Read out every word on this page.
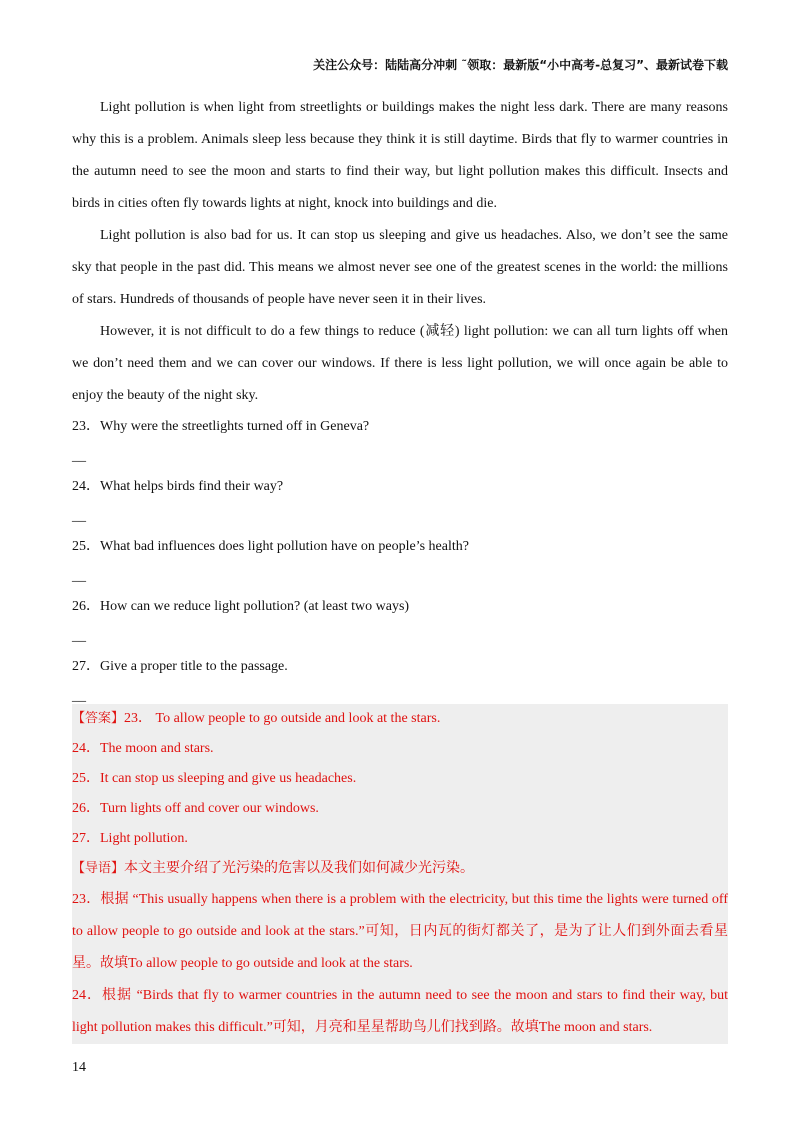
关注公众号：陆陆高分冲刺 ˜领取：最新版“小中高考-总复习”、最新试卷下载

Light pollution is when light from streetlights or buildings makes the night less dark. There are many reasons why this is a problem. Animals sleep less because they think it is still daytime. Birds that fly to warmer countries in the autumn need to see the moon and starts to find their way, but light pollution makes this difficult. Insects and birds in cities often fly towards lights at night, knock into buildings and die.

Light pollution is also bad for us. It can stop us sleeping and give us headaches. Also, we don’t see the same sky that people in the past did. This means we almost never see one of the greatest scenes in the world: the millions of stars. Hundreds of thousands of people have never seen it in their lives.

However, it is not difficult to do a few things to reduce (减轻) light pollution: we can all turn lights off when we don’t need them and we can cover our windows. If there is less light pollution, we will once again be able to enjoy the beauty of the night sky.

23．Why were the streetlights turned off in Geneva?

__

24．What helps birds find their way?

__

25．What bad influences does light pollution have on people’s health?

__

26．How can we reduce light pollution? (at least two ways)

__

27．Give a proper title to the passage.

__

【答案】23． To allow people to go outside and look at the stars.

24．The moon and stars.

25．It can stop us sleeping and give us headaches.

26．Turn lights off and cover our windows.

27．Light pollution.

【导语】本文主要介绍了光污染的危害以及我们如何减少光污染。

23．根据 “This usually happens when there is a problem with the electricity, but this time the lights were turned off to allow people to go outside and look at the stars.”可知，日内瓦的街灯都关了，是为了让人们到外面去看星星。故填To allow people to go outside and look at the stars.

24．根据 “Birds that fly to warmer countries in the autumn need to see the moon and stars to find their way, but light pollution makes this difficult.”可知，月亮和星星帮助鸟儿们找到路。故填The moon and stars.

14
